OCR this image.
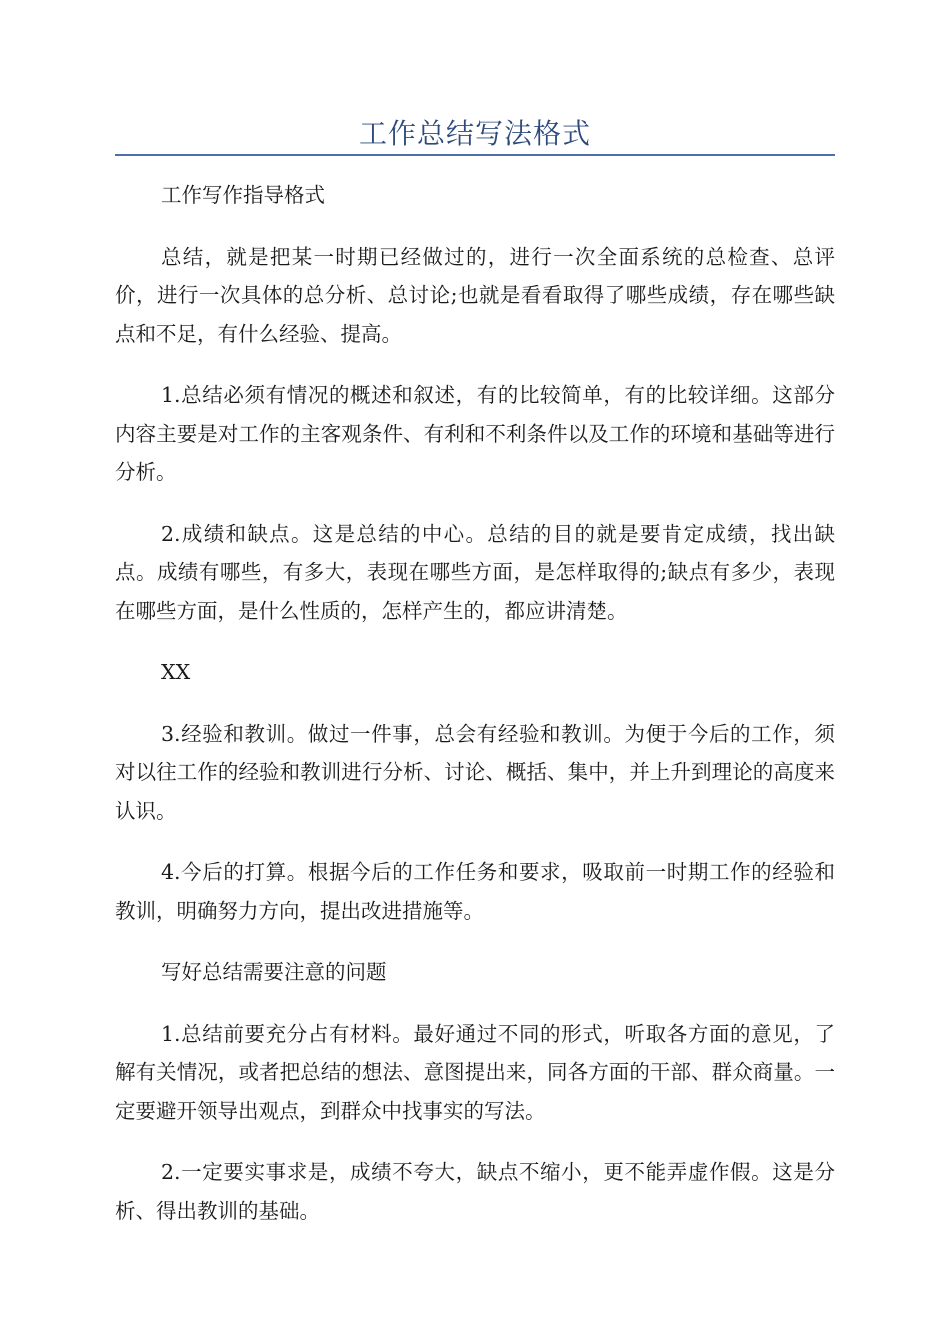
工作总结写法格式

工作写作指导格式

总结，就是把某一时期已经做过的，进行一次全面系统的总检查、总评价，进行一次具体的总分析、总讨论;也就是看看取得了哪些成绩，存在哪些缺点和不足，有什么经验、提高。

1.总结必须有情况的概述和叙述，有的比较简单，有的比较详细。这部分内容主要是对工作的主客观条件、有利和不利条件以及工作的环境和基础等进行分析。

2.成绩和缺点。这是总结的中心。总结的目的就是要肯定成绩，找出缺点。成绩有哪些，有多大，表现在哪些方面，是怎样取得的;缺点有多少，表现在哪些方面，是什么性质的，怎样产生的，都应讲清楚。

XX

3.经验和教训。做过一件事，总会有经验和教训。为便于今后的工作，须对以往工作的经验和教训进行分析、讨论、概括、集中，并上升到理论的高度来认识。

4.今后的打算。根据今后的工作任务和要求，吸取前一时期工作的经验和教训，明确努力方向，提出改进措施等。

写好总结需要注意的问题

1.总结前要充分占有材料。最好通过不同的形式，听取各方面的意见，了解有关情况，或者把总结的想法、意图提出来，同各方面的干部、群众商量。一定要避开领导出观点，到群众中找事实的写法。

2.一定要实事求是，成绩不夸大，缺点不缩小，更不能弄虚作假。这是分析、得出教训的基础。
